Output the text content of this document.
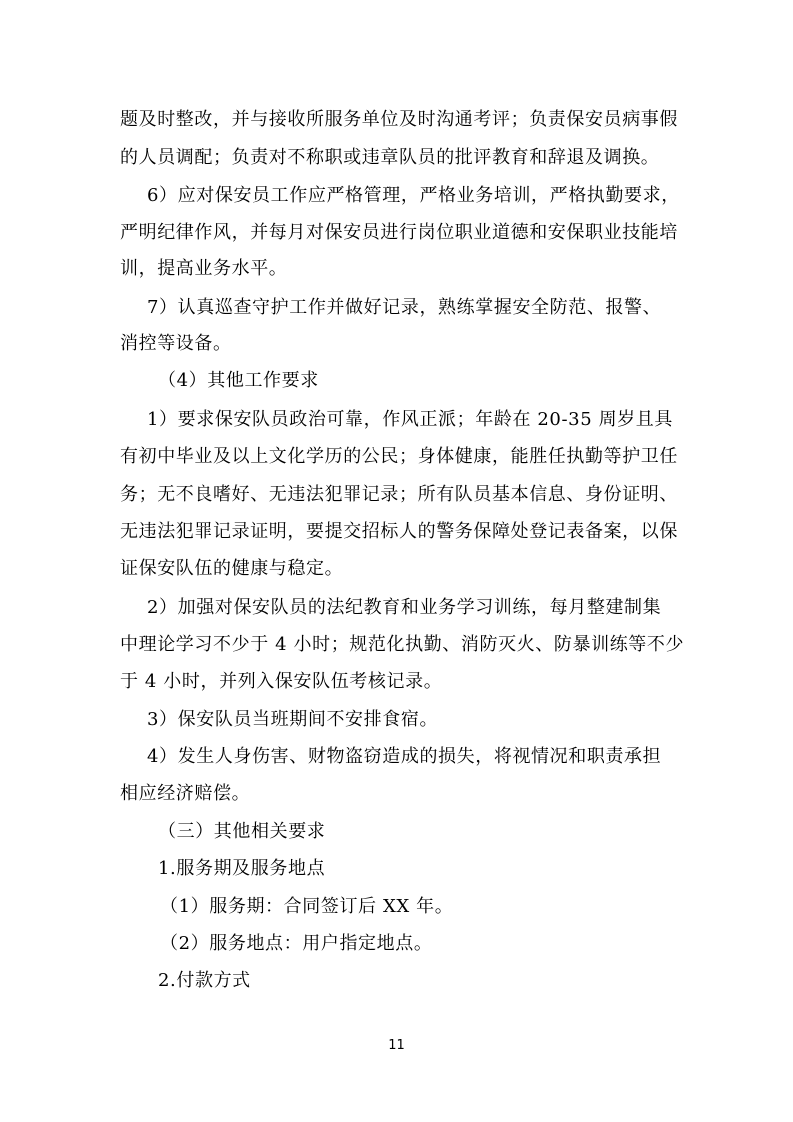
题及时整改，并与接收所服务单位及时沟通考评；负责保安员病事假
的人员调配；负责对不称职或违章队员的批评教育和辞退及调换。
6）应对保安员工作应严格管理，严格业务培训，严格执勤要求，
严明纪律作风，并每月对保安员进行岗位职业道德和安保职业技能培
训，提高业务水平。
7）认真巡查守护工作并做好记录，熟练掌握安全防范、报警、
消控等设备。
（4）其他工作要求
1）要求保安队员政治可靠，作风正派；年龄在 20-35 周岁且具
有初中毕业及以上文化学历的公民；身体健康，能胜任执勤等护卫任
务；无不良嗜好、无违法犯罪记录；所有队员基本信息、身份证明、
无违法犯罪记录证明，要提交招标人的警务保障处登记表备案，以保
证保安队伍的健康与稳定。
2）加强对保安队员的法纪教育和业务学习训练，每月整建制集
中理论学习不少于 4 小时；规范化执勤、消防灭火、防暴训练等不少
于 4 小时，并列入保安队伍考核记录。
3）保安队员当班期间不安排食宿。
4）发生人身伤害、财物盗窃造成的损失，将视情况和职责承担
相应经济赔偿。
（三）其他相关要求
1.服务期及服务地点
（1）服务期：合同签订后 XX 年。
（2）服务地点：用户指定地点。
2.付款方式
11
